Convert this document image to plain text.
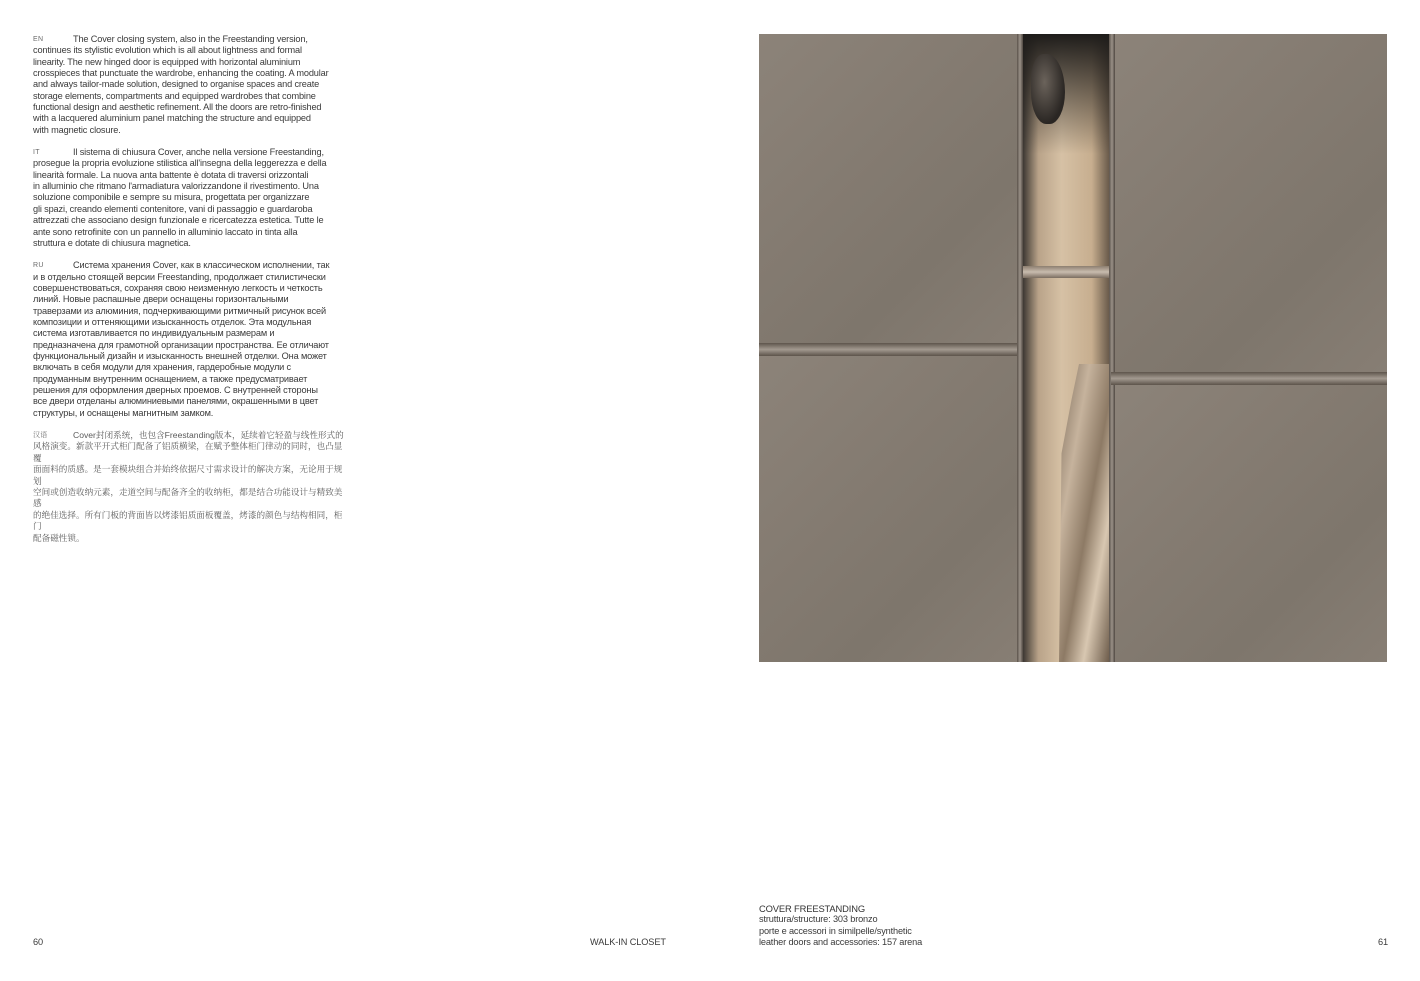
EN	The Cover closing system, also in the Freestanding version,
continues its stylistic evolution which is all about lightness and formal
linearity. The new hinged door is equipped with horizontal aluminium
crosspieces that punctuate the wardrobe, enhancing the coating. A modular
and always tailor-made solution, designed to organise spaces and create
storage elements, compartments and equipped wardrobes that combine
functional design and aesthetic refinement. All the doors are retro-finished
with a lacquered aluminium panel matching the structure and equipped
with magnetic closure.

IT	Il sistema di chiusura Cover, anche nella versione Freestanding,
prosegue la propria evoluzione stilistica all'insegna della leggerezza e della
linearità formale. La nuova anta battente è dotata di traversi orizzontali
in alluminio che ritmano l'armadiatura valorizzandone il rivestimento. Una
soluzione componibile e sempre su misura, progettata per organizzare
gli spazi, creando elementi contenitore, vani di passaggio e guardaroba
attrezzati che associano design funzionale e ricercatezza estetica. Tutte le
ante sono retrofinite con un pannello in alluminio laccato in tinta alla
struttura e dotate di chiusura magnetica.

RU	Система хранения Cover, как в классическом исполнении, так
и в отдельно стоящей версии Freestanding, продолжает стилистически
совершенствоваться, сохраняя свою неизменную легкость и четкость
линий. Новые распашные двери оснащены горизонтальными
траверзами из алюминия, подчеркивающими ритмичный рисунок всей
композиции и оттеняющими изысканность отделок. Эта модульная
система изготавливается по индивидуальным размерам и
предназначена для грамотной организации пространства. Ее отличают
функциональный дизайн и изысканность внешней отделки. Она может
включать в себя модули для хранения, гардеробные модули с
продуманным внутренним оснащением, а также предусматривает
решения для оформления дверных проемов. С внутренней стороны
все двери отделаны алюминиевыми панелями, окрашенными в цвет
структуры, и оснащены магнитным замком.

汉语	Cover封闭系统，也包含Freestanding版本，延续着它轻盈与线性形式的
风格演变。新款平开式柜门配备了铝质横梁，在赋予整体柜门律动的同时，也凸显覆
面面料的质感。是一套模块组合并始终依据尺寸需求设计的解决方案，无论用于规划
空间或创造收纳元素，走道空间与配备齐全的收纳柜，都是结合功能设计与精致美感
的绝佳选择。所有门板的背面皆以烤漆铝质面板覆盖，烤漆的颜色与结构相同，柜门
配备磁性锁。

COVER FREESTANDING
struttura/structure: 303 bronzo
porte e accessori in similpelle/synthetic
leather doors and accessories: 157 arena
60	WALK-IN CLOSET	61
